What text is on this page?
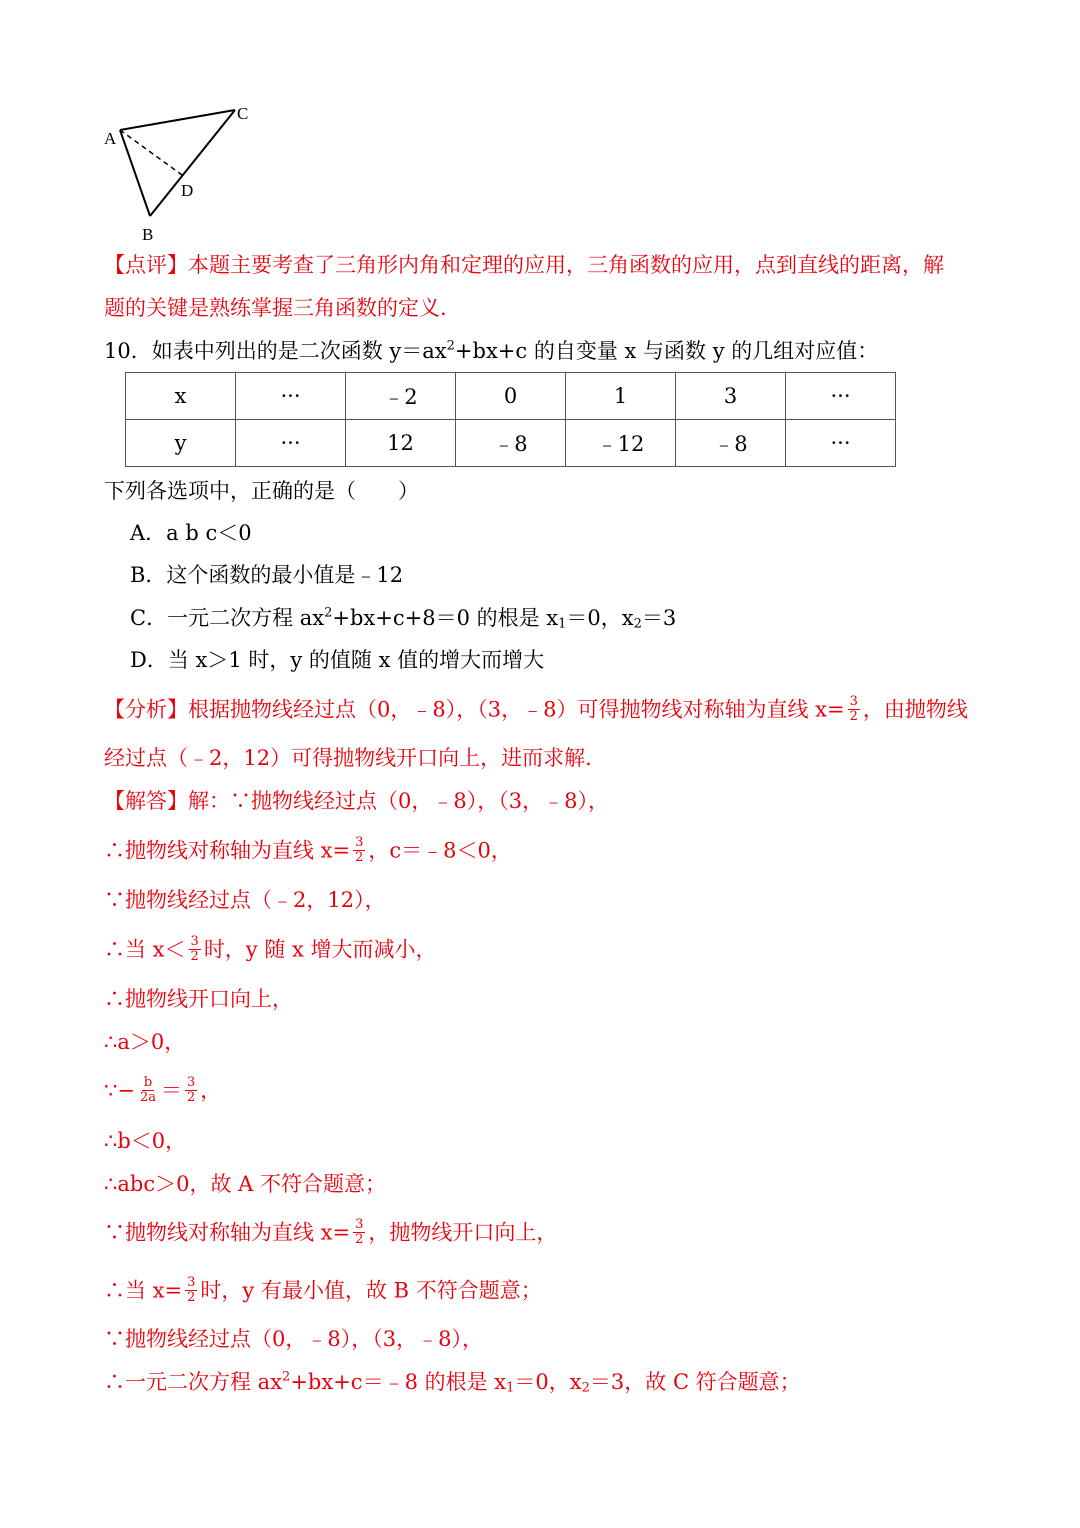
A
C
D
B
【点评】本题主要考查了三角形内角和定理的应用，三角函数的应用，点到直线的距离，解
题的关键是熟练掌握三角函数的定义.
10．如表中列出的是二次函数 $y=ax^2+bx+c$ 的自变量 x 与函数 y 的几组对应值：
x	···	﹣2	0	1	3	···
y	···	12	﹣8	﹣12	﹣8	···
下列各选项中，正确的是（　　）
A．a b c＜0
B．这个函数的最小值是﹣12
C．一元二次方程 $ax^2+bx+c+8=0$ 的根是 $x_1=0$，$x_2=3$
D．当 x＞1 时，y 的值随 x 值的增大而增大
【分析】根据抛物线经过点（0，﹣8），（3，﹣8）可得抛物线对称轴为直线 $x= \frac{3}{2}$ ，由抛物线
经过点（﹣2，12）可得抛物线开口向上，进而求解.
【解答】解：∵抛物线经过点（0，﹣8），（3，﹣8），
∴抛物线对称轴为直线 $x= \frac{3}{2}$ ，c＝﹣8＜0，
∵抛物线经过点（﹣2，12），
∴当 $x< \frac{3}{2}$ 时，y 随 x 增大而减小，
∴抛物线开口向上，
∴a＞0，
∵− $\frac{b}{2a} = \frac{3}{2}$ ，
∴b＜0，
∴abc＞0，故 A 不符合题意；
∵抛物线对称轴为直线 $x= \frac{3}{2}$ ，抛物线开口向上，
∴当 $x= \frac{3}{2}$ 时，y 有最小值，故 B 不符合题意；
∵抛物线经过点（0，﹣8），（3，﹣8），
∴一元二次方程 $ax^2+bx+c=﹣8$ 的根是 $x_1=0$，$x_2=3$，故 C 符合题意；
